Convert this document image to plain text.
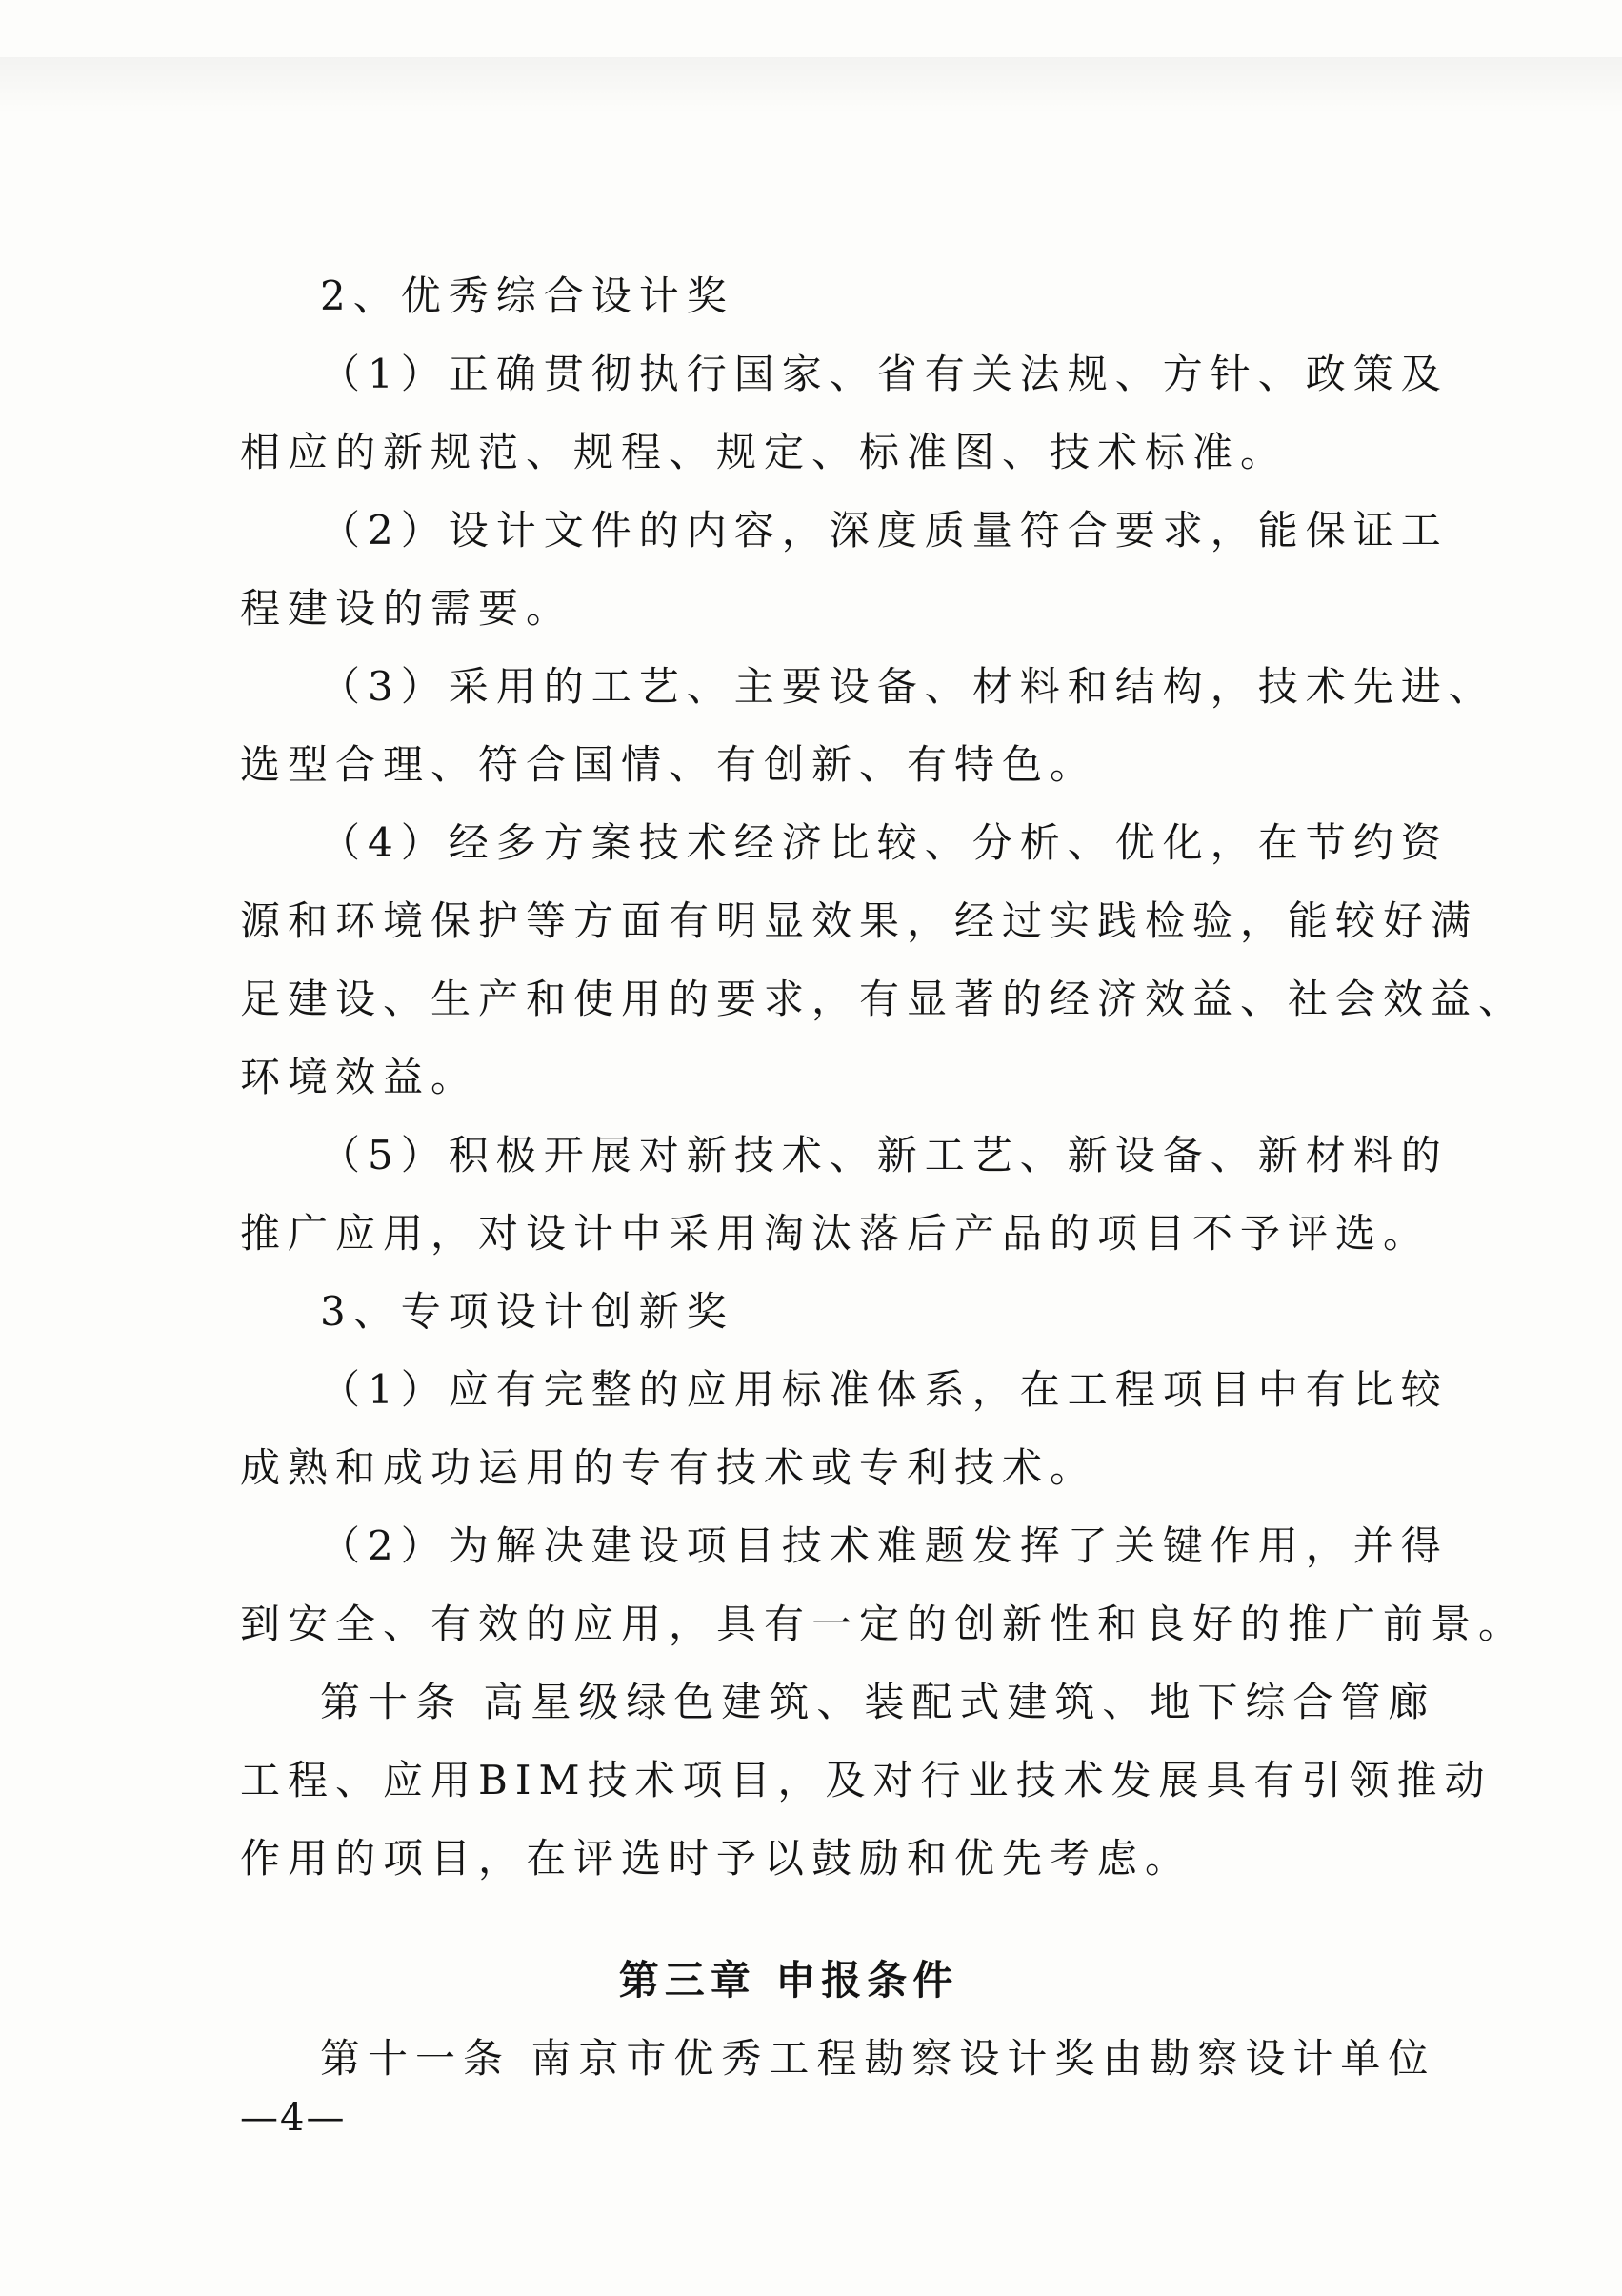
2、优秀综合设计奖
（1）正确贯彻执行国家、省有关法规、方针、政策及
相应的新规范、规程、规定、标准图、技术标准。
（2）设计文件的内容，深度质量符合要求，能保证工
程建设的需要。
（3）采用的工艺、主要设备、材料和结构，技术先进、
选型合理、符合国情、有创新、有特色。
（4）经多方案技术经济比较、分析、优化，在节约资
源和环境保护等方面有明显效果，经过实践检验，能较好满
足建设、生产和使用的要求，有显著的经济效益、社会效益、
环境效益。
（5）积极开展对新技术、新工艺、新设备、新材料的
推广应用，对设计中采用淘汰落后产品的项目不予评选。
3、专项设计创新奖
（1）应有完整的应用标准体系，在工程项目中有比较
成熟和成功运用的专有技术或专利技术。
（2）为解决建设项目技术难题发挥了关键作用，并得
到安全、有效的应用，具有一定的创新性和良好的推广前景。
第十条 高星级绿色建筑、装配式建筑、地下综合管廊
工程、应用BIM技术项目，及对行业技术发展具有引领推动
作用的项目，在评选时予以鼓励和优先考虑。
第三章 申报条件
第十一条 南京市优秀工程勘察设计奖由勘察设计单位
—4—
